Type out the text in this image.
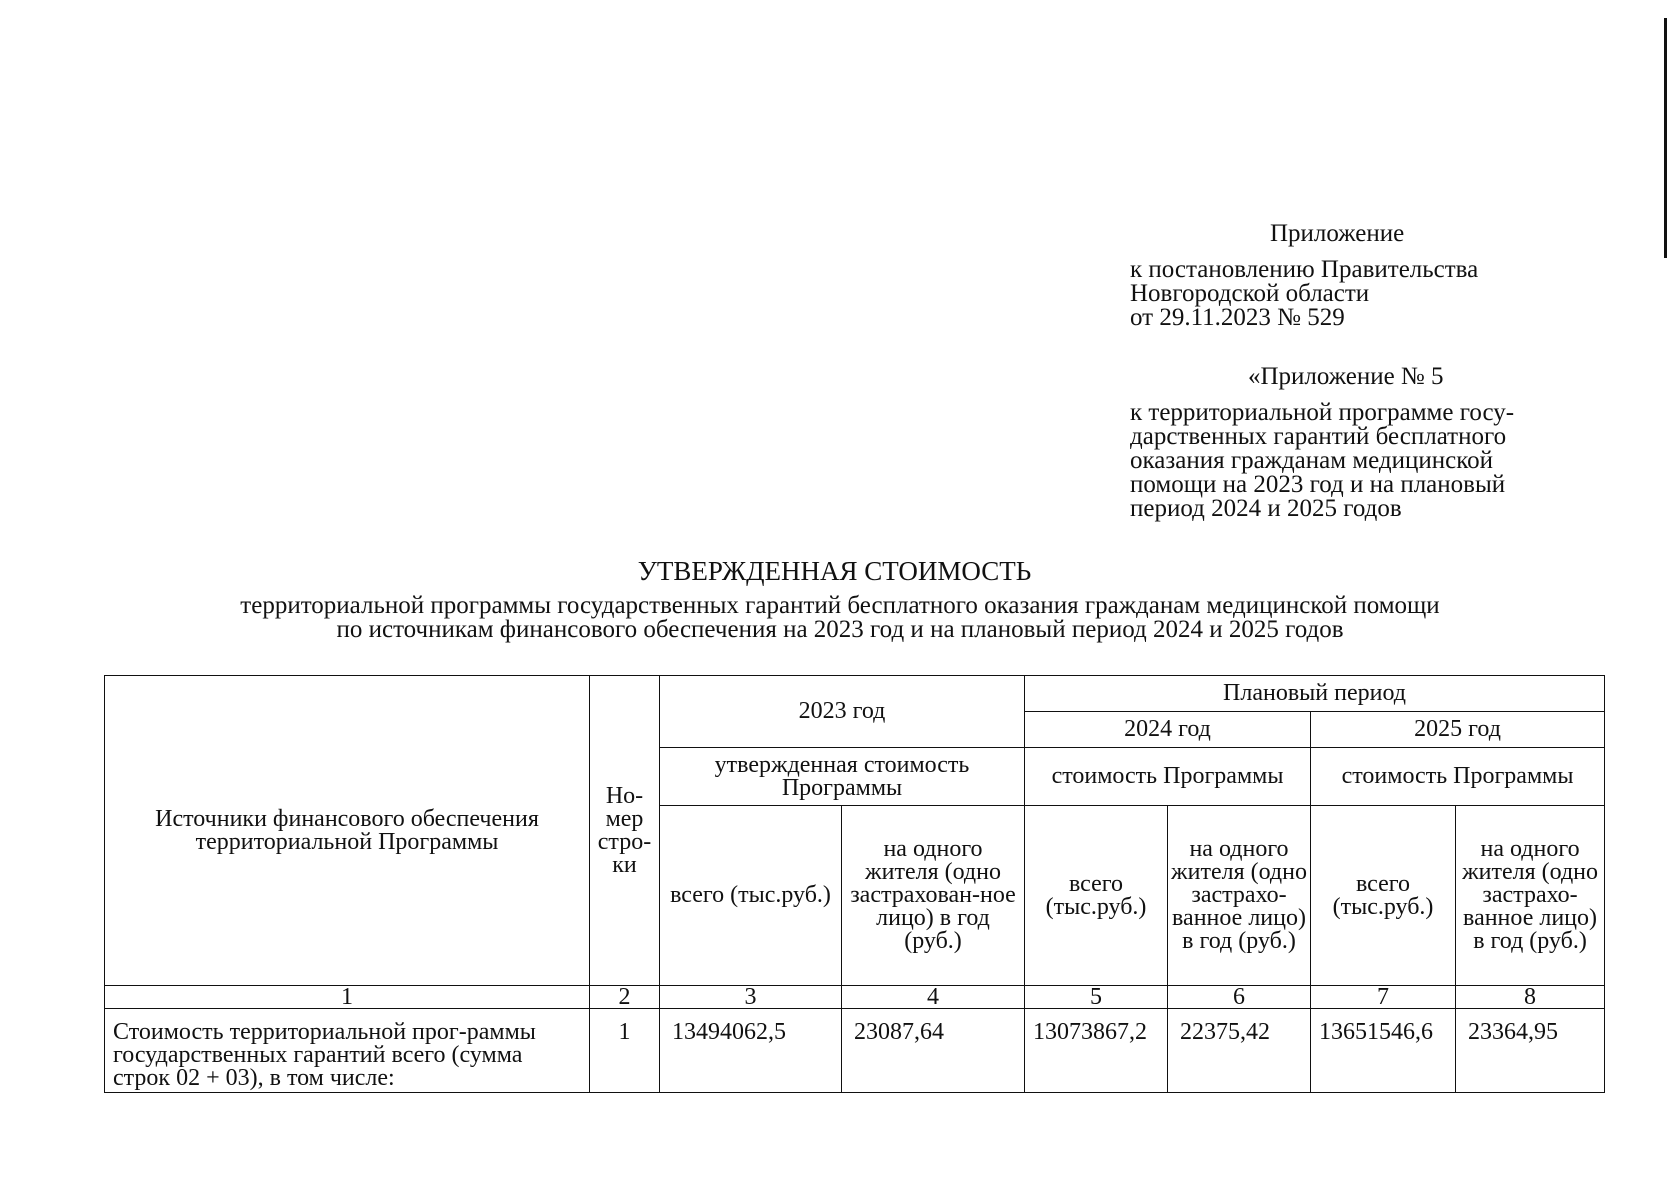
Приложение
к постановлению Правительства
Новгородской области
от 29.11.2023 № 529
«Приложение № 5
к территориальной программе госу-
дарственных гарантий бесплатного
оказания гражданам медицинской
помощи на 2023 год и на плановый
период 2024 и 2025 годов
УТВЕРЖДЕННАЯ СТОИМОСТЬ
территориальной программы государственных гарантий бесплатного оказания гражданам медицинской помощи
по источникам финансового обеспечения на 2023 год и на плановый период 2024 и 2025 годов
Источники финансового обеспечения территориальной Программы	Но-мер стро-ки	2023 год		Плановый период			
				2024 год		2025 год	
		утвержденная стоимость Программы		стоимость Программы		стоимость Программы	
		всего (тыс.руб.)	на одного жителя (одно застрахован-ное лицо) в год (руб.)	всего (тыс.руб.)	на одного жителя (одно застрахо-ванное лицо) в год (руб.)	всего (тыс.руб.)	на одного жителя (одно застрахо-ванное лицо) в год (руб.)

1	2	3	4	5	6	7	8
Стоимость территориальной прог-раммы государственных гарантий всего (сумма строк 02 + 03), в том числе:	1	13494062,5	23087,64	13073867,2	22375,42	13651546,6	23364,95
